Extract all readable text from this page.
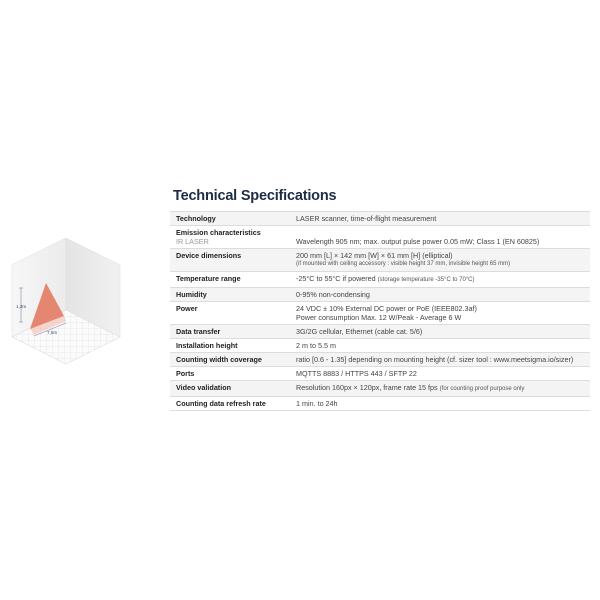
1,3m
7,5m
Technical Specifications
Technology	LASER scanner, time-of-flight measurement
Emission characteristics
IR LASER	Wavelength 905 nm; max. output pulse power 0.05 mW; Class 1 (EN 60825)
Device dimensions	200 mm [L] × 142 mm [W] × 61 mm [H] (elliptical)
(if mounted with ceiling accessory : visible height 37 mm, invisible height 65 mm)

Temperature range	-25°C to 55°C if powered (storage temperature -35°C to 70°C)
Humidity	0-95% non-condensing
Power	24 VDC ± 10% External DC power or PoE (IEEE802.3af)
Power consumption Max. 12 W/Peak - Average 6 W

Data transfer	3G/2G cellular, Ethernet (cable cat. 5/6)
Installation height	2 m to 5.5 m
Counting width coverage	ratio [0.6 - 1.35] depending on mounting height (cf. sizer tool : www.meetsigma.io/sizer)
Ports	MQTTS 8883 / HTTPS 443 / SFTP 22
Video validation	Resolution 160px × 120px, frame rate 15 fps (for counting proof purpose only
Counting data refresh rate	1 min. to 24h
